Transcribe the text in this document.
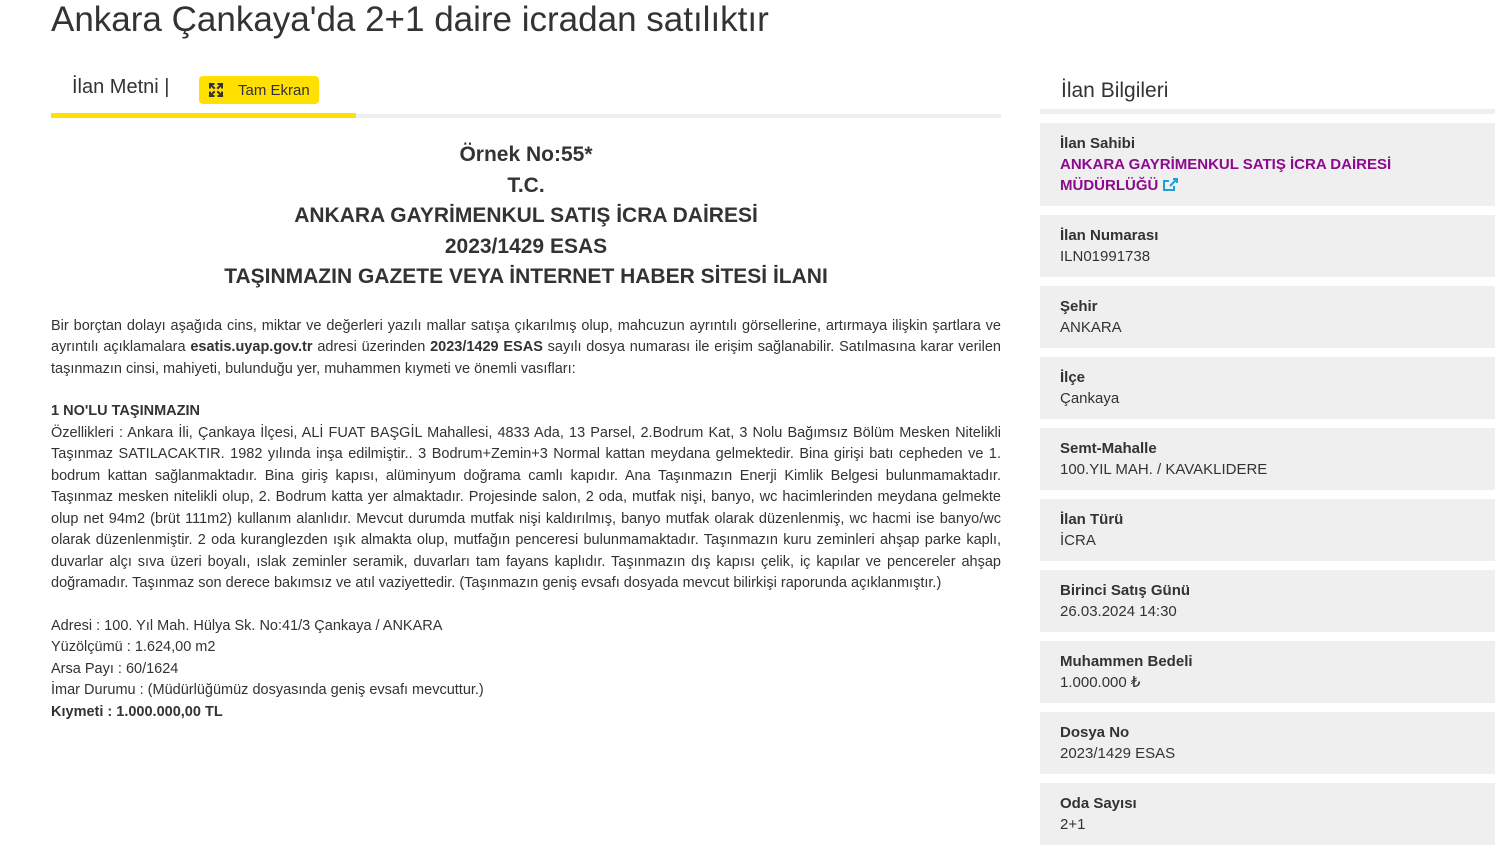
Ankara Çankaya'da 2+1 daire icradan satılıktır
İlan Metni |	Tam Ekran
Örnek No:55*
T.C.
ANKARA GAYRİMENKUL SATIŞ İCRA DAİRESİ
2023/1429 ESAS
TAŞINMAZIN GAZETE VEYA İNTERNET HABER SİTESİ İLANI

Bir borçtan dolayı aşağıda cins, miktar ve değerleri yazılı mallar satışa çıkarılmış olup, mahcuzun ayrıntılı görsellerine, artırmaya ilişkin şartlara ve ayrıntılı açıklamalara esatis.uyap.gov.tr adresi üzerinden 2023/1429 ESAS sayılı dosya numarası ile erişim sağlanabilir. Satılmasına karar verilen taşınmazın cinsi, mahiyeti, bulunduğu yer, muhammen kıymeti ve önemli vasıfları:

1 NO'LU TAŞINMAZIN

Özellikleri : Ankara İli, Çankaya İlçesi, ALİ FUAT BAŞGİL Mahallesi, 4833 Ada, 13 Parsel, 2.Bodrum Kat, 3 Nolu Bağımsız Bölüm Mesken Nitelikli Taşınmaz SATILACAKTIR. 1982 yılında inşa edilmiştir.. 3 Bodrum+Zemin+3 Normal kattan meydana gelmektedir. Bina girişi batı cepheden ve 1. bodrum kattan sağlanmaktadır. Bina giriş kapısı, alüminyum doğrama camlı kapıdır. Ana Taşınmazın Enerji Kimlik Belgesi bulunmamaktadır. Taşınmaz mesken nitelikli olup, 2. Bodrum katta yer almaktadır. Projesinde salon, 2 oda, mutfak nişi, banyo, wc hacimlerinden meydana gelmekte olup net 94m2 (brüt 111m2) kullanım alanlıdır. Mevcut durumda mutfak nişi kaldırılmış, banyo mutfak olarak düzenlenmiş, wc hacmi ise banyo/wc olarak düzenlenmiştir. 2 oda kuranglezden ışık almakta olup, mutfağın penceresi bulunmamaktadır. Taşınmazın kuru zeminleri ahşap parke kaplı, duvarlar alçı sıva üzeri boyalı, ıslak zeminler seramik, duvarları tam fayans kaplıdır. Taşınmazın dış kapısı çelik, iç kapılar ve pencereler ahşap doğramadır. Taşınmaz son derece bakımsız ve atıl vaziyettedir. (Taşınmazın geniş evsafı dosyada mevcut bilirkişi raporunda açıklanmıştır.)

Adresi : 100. Yıl Mah. Hülya Sk. No:41/3 Çankaya / ANKARA
Yüzölçümü : 1.624,00 m2
Arsa Payı : 60/1624
İmar Durumu : (Müdürlüğümüz dosyasında geniş evsafı mevcuttur.)
Kıymeti : 1.000.000,00 TL
İlan Bilgileri
İlan Sahibi
ANKARA GAYRİMENKUL SATIŞ İCRA DAİRESİ MÜDÜRLÜĞÜ
İlan Numarası
ILN01991738
Şehir
ANKARA
İlçe
Çankaya
Semt-Mahalle
100.YIL MAH. / KAVAKLIDERE
İlan Türü
İCRA
Birinci Satış Günü
26.03.2024 14:30
Muhammen Bedeli
1.000.000 ₺
Dosya No
2023/1429 ESAS
Oda Sayısı
2+1
